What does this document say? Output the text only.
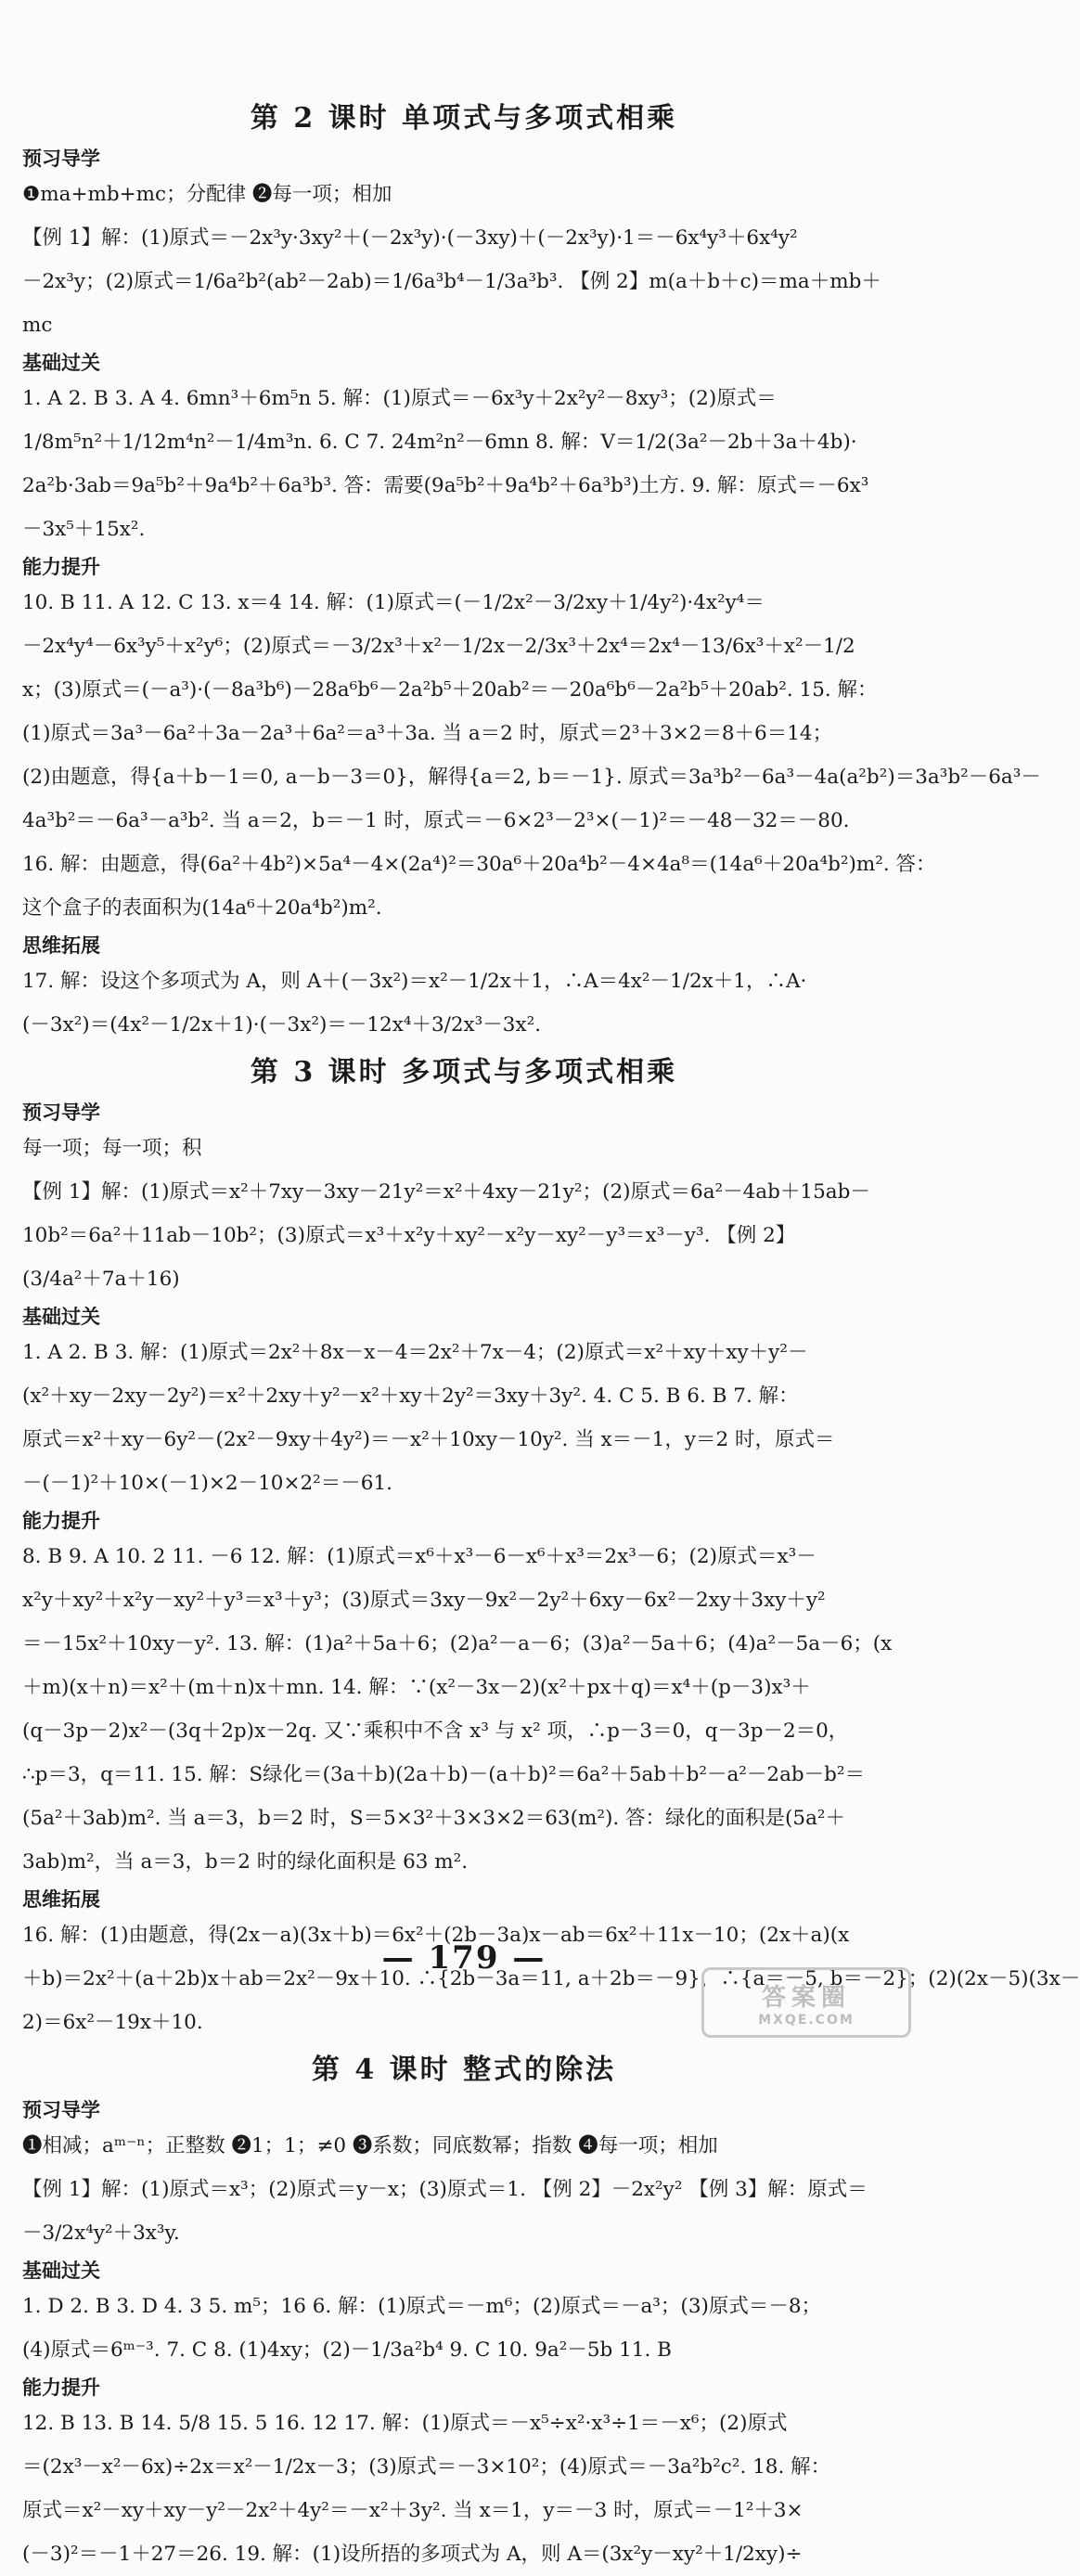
第 2 课时 单项式与多项式相乘
预习导学
❶ma+mb+mc；分配律 ❷每一项；相加
【例 1】解：(1)原式＝－2x³y·3xy²＋(－2x³y)·(－3xy)＋(－2x³y)·1＝－6x⁴y³＋6x⁴y²
－2x³y；(2)原式＝1/6a²b²(ab²－2ab)＝1/6a³b⁴－1/3a³b³. 【例 2】m(a＋b＋c)＝ma＋mb＋
mc
基础过关
1. A 2. B 3. A 4. 6mn³＋6m⁵n 5. 解：(1)原式＝－6x³y＋2x²y²－8xy³；(2)原式＝
1/8m⁵n²＋1/12m⁴n²－1/4m³n. 6. C 7. 24m²n²－6mn 8. 解：V＝1/2(3a²－2b＋3a＋4b)·
2a²b·3ab＝9a⁵b²＋9a⁴b²＋6a³b³. 答：需要(9a⁵b²＋9a⁴b²＋6a³b³)土方. 9. 解：原式＝－6x³
－3x⁵＋15x².
能力提升
10. B 11. A 12. C 13. x＝4 14. 解：(1)原式＝(－1/2x²－3/2xy＋1/4y²)·4x²y⁴＝
－2x⁴y⁴－6x³y⁵＋x²y⁶；(2)原式＝－3/2x³＋x²－1/2x－2/3x³＋2x⁴＝2x⁴－13/6x³＋x²－1/2
x；(3)原式＝(－a³)·(－8a³b⁶)－28a⁶b⁶－2a²b⁵＋20ab²＝－20a⁶b⁶－2a²b⁵＋20ab². 15. 解：
(1)原式＝3a³－6a²＋3a－2a³＋6a²＝a³＋3a. 当 a＝2 时，原式＝2³＋3×2＝8＋6＝14；
(2)由题意，得{a＋b－1＝0, a－b－3＝0}，解得{a＝2, b＝－1}. 原式＝3a³b²－6a³－4a(a²b²)＝3a³b²－6a³－
4a³b²＝－6a³－a³b². 当 a＝2，b＝－1 时，原式＝－6×2³－2³×(－1)²＝－48－32＝－80.
16. 解：由题意，得(6a²＋4b²)×5a⁴－4×(2a⁴)²＝30a⁶＋20a⁴b²－4×4a⁸＝(14a⁶＋20a⁴b²)m². 答：
这个盒子的表面积为(14a⁶＋20a⁴b²)m².
思维拓展
17. 解：设这个多项式为 A，则 A＋(－3x²)＝x²－1/2x＋1，∴A＝4x²－1/2x＋1，∴A·
(－3x²)＝(4x²－1/2x＋1)·(－3x²)＝－12x⁴＋3/2x³－3x².
第 3 课时 多项式与多项式相乘
预习导学
每一项；每一项；积
【例 1】解：(1)原式＝x²＋7xy－3xy－21y²＝x²＋4xy－21y²；(2)原式＝6a²－4ab＋15ab－
10b²＝6a²＋11ab－10b²；(3)原式＝x³＋x²y＋xy²－x²y－xy²－y³＝x³－y³. 【例 2】
(3/4a²＋7a＋16)
基础过关
1. A 2. B 3. 解：(1)原式＝2x²＋8x－x－4＝2x²＋7x－4；(2)原式＝x²＋xy＋xy＋y²－
(x²＋xy－2xy－2y²)＝x²＋2xy＋y²－x²＋xy＋2y²＝3xy＋3y². 4. C 5. B 6. B 7. 解：
原式＝x²＋xy－6y²－(2x²－9xy＋4y²)＝－x²＋10xy－10y². 当 x＝－1，y＝2 时，原式＝
－(－1)²＋10×(－1)×2－10×2²＝－61.
能力提升
8. B 9. A 10. 2 11. －6 12. 解：(1)原式＝x⁶＋x³－6－x⁶＋x³＝2x³－6；(2)原式＝x³－
x²y＋xy²＋x²y－xy²＋y³＝x³＋y³；(3)原式＝3xy－9x²－2y²＋6xy－6x²－2xy＋3xy＋y²
＝－15x²＋10xy－y². 13. 解：(1)a²＋5a＋6；(2)a²－a－6；(3)a²－5a＋6；(4)a²－5a－6；(x
＋m)(x＋n)＝x²＋(m＋n)x＋mn. 14. 解：∵(x²－3x－2)(x²＋px＋q)＝x⁴＋(p－3)x³＋
(q－3p－2)x²－(3q＋2p)x－2q. 又∵乘积中不含 x³ 与 x² 项，∴p－3＝0，q－3p－2＝0，
∴p＝3，q＝11. 15. 解：S绿化＝(3a＋b)(2a＋b)－(a＋b)²＝6a²＋5ab＋b²－a²－2ab－b²＝
(5a²＋3ab)m². 当 a＝3，b＝2 时，S＝5×3²＋3×3×2＝63(m²). 答：绿化的面积是(5a²＋
3ab)m²，当 a＝3，b＝2 时的绿化面积是 63 m².
思维拓展
16. 解：(1)由题意，得(2x－a)(3x＋b)＝6x²＋(2b－3a)x－ab＝6x²＋11x－10；(2x＋a)(x
＋b)＝2x²＋(a＋2b)x＋ab＝2x²－9x＋10. ∴{2b－3a＝11, a＋2b＝－9}，∴{a＝－5, b＝－2}；(2)(2x－5)(3x－
2)＝6x²－19x＋10.
第 4 课时 整式的除法
预习导学
❶相减；aᵐ⁻ⁿ；正整数 ❷1；1；≠0 ❸系数；同底数幂；指数 ❹每一项；相加
【例 1】解：(1)原式＝x³；(2)原式＝y－x；(3)原式＝1. 【例 2】－2x²y² 【例 3】解：原式＝
－3/2x⁴y²＋3x³y.
基础过关
1. D 2. B 3. D 4. 3 5. m⁵；16 6. 解：(1)原式＝－m⁶；(2)原式＝－a³；(3)原式＝－8；
(4)原式＝6ᵐ⁻³. 7. C 8. (1)4xy；(2)－1/3a²b⁴ 9. C 10. 9a²－5b 11. B
能力提升
12. B 13. B 14. 5/8 15. 5 16. 12 17. 解：(1)原式＝－x⁵÷x²·x³÷1＝－x⁶；(2)原式
＝(2x³－x²－6x)÷2x＝x²－1/2x－3；(3)原式＝－3×10²；(4)原式＝－3a²b²c². 18. 解：
原式＝x²－xy＋xy－y²－2x²＋4y²＝－x²＋3y². 当 x＝1，y＝－3 时，原式＝－1²＋3×
(－3)²＝－1＋27＝26. 19. 解：(1)设所捂的多项式为 A，则 A＝(3x²y－xy²＋1/2xy)÷
— 179 —
答案圈
MXQE.COM
